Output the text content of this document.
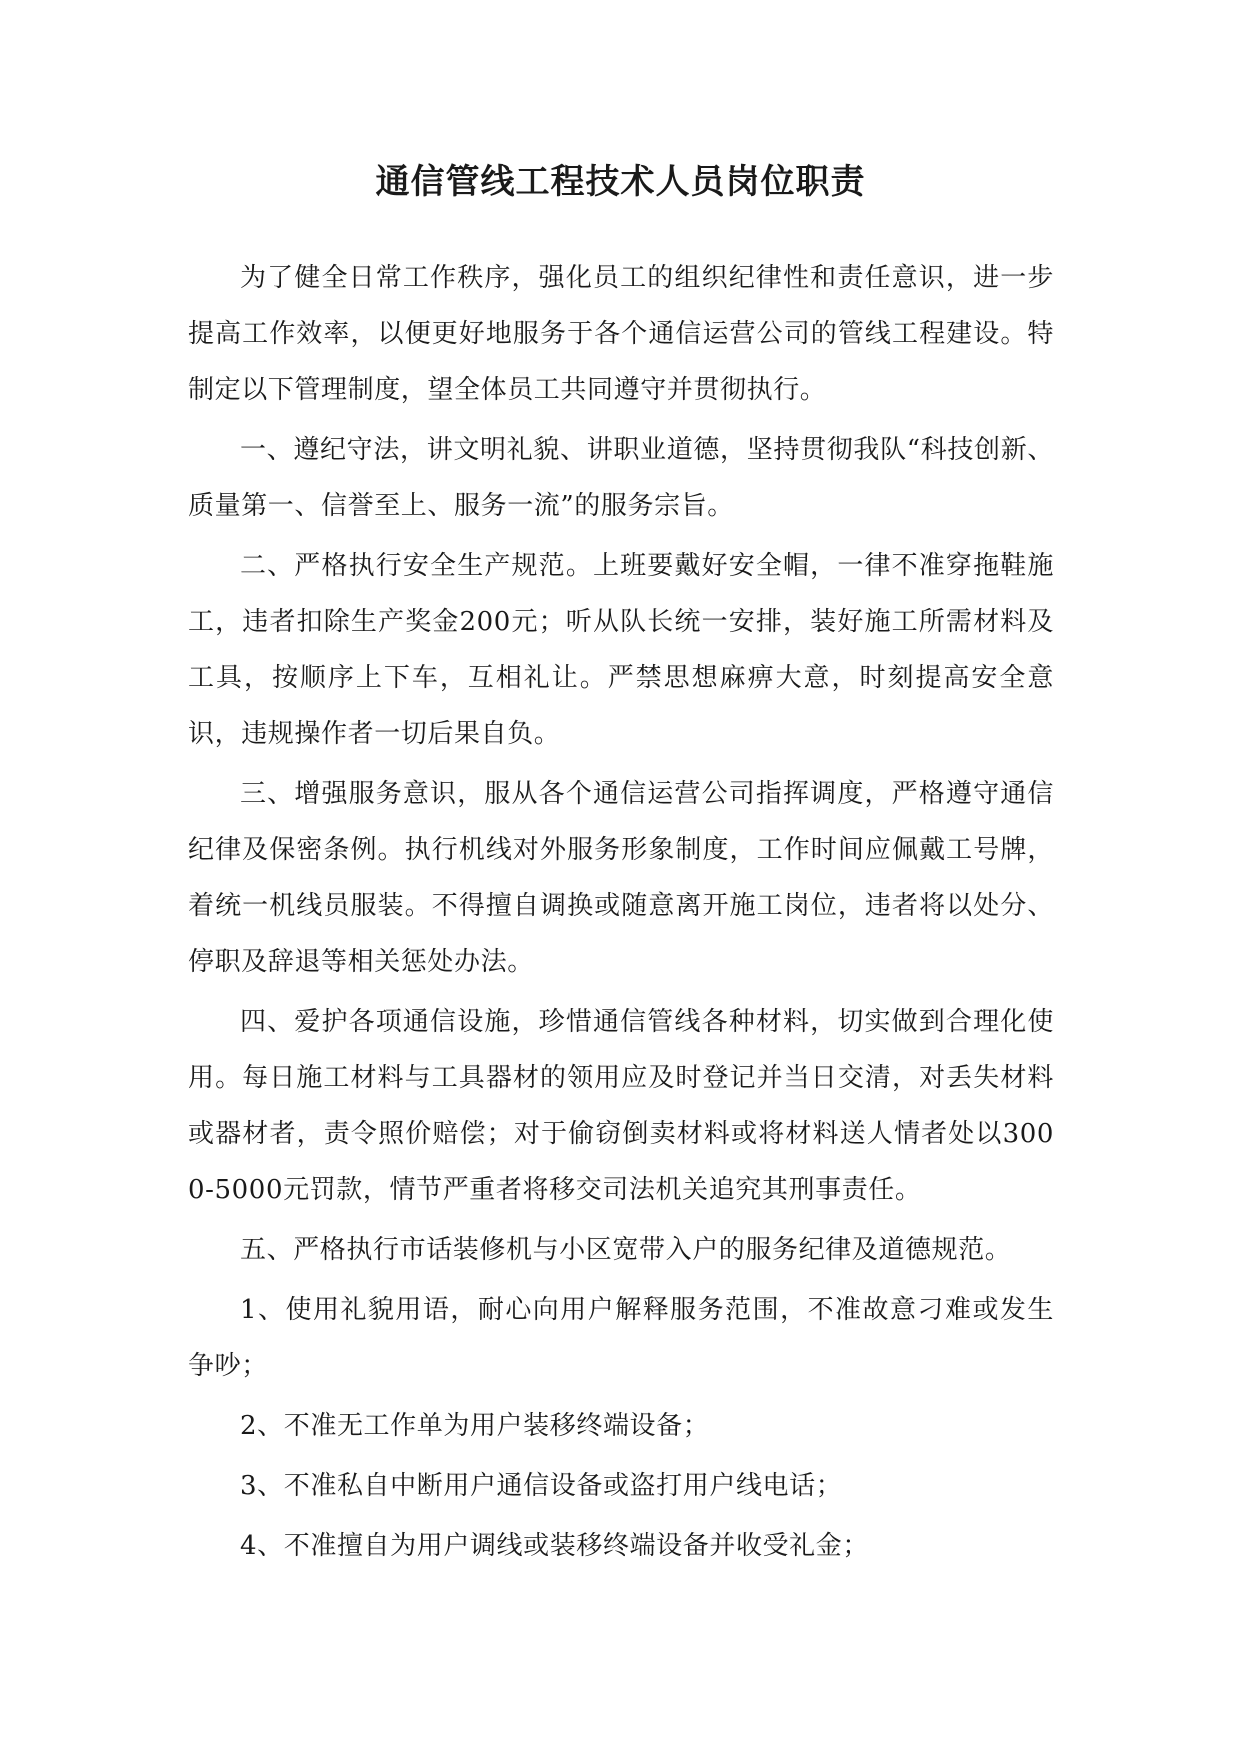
通信管线工程技术人员岗位职责

为了健全日常工作秩序，强化员工的组织纪律性和责任意识，进一步提高工作效率，以便更好地服务于各个通信运营公司的管线工程建设。特制定以下管理制度，望全体员工共同遵守并贯彻执行。

一、遵纪守法，讲文明礼貌、讲职业道德，坚持贯彻我队“科技创新、质量第一、信誉至上、服务一流”的服务宗旨。

二、严格执行安全生产规范。上班要戴好安全帽，一律不准穿拖鞋施工，违者扣除生产奖金200元；听从队长统一安排，装好施工所需材料及工具，按顺序上下车，互相礼让。严禁思想麻痹大意，时刻提高安全意识，违规操作者一切后果自负。

三、增强服务意识，服从各个通信运营公司指挥调度，严格遵守通信纪律及保密条例。执行机线对外服务形象制度，工作时间应佩戴工号牌，着统一机线员服装。不得擅自调换或随意离开施工岗位，违者将以处分、停职及辞退等相关惩处办法。

四、爱护各项通信设施，珍惜通信管线各种材料，切实做到合理化使用。每日施工材料与工具器材的领用应及时登记并当日交清，对丢失材料或器材者，责令照价赔偿；对于偷窃倒卖材料或将材料送人情者处以3000-5000元罚款，情节严重者将移交司法机关追究其刑事责任。

五、严格执行市话装修机与小区宽带入户的服务纪律及道德规范。

1、使用礼貌用语，耐心向用户解释服务范围，不准故意刁难或发生争吵；

2、不准无工作单为用户装移终端设备；

3、不准私自中断用户通信设备或盗打用户线电话；

4、不准擅自为用户调线或装移终端设备并收受礼金；
